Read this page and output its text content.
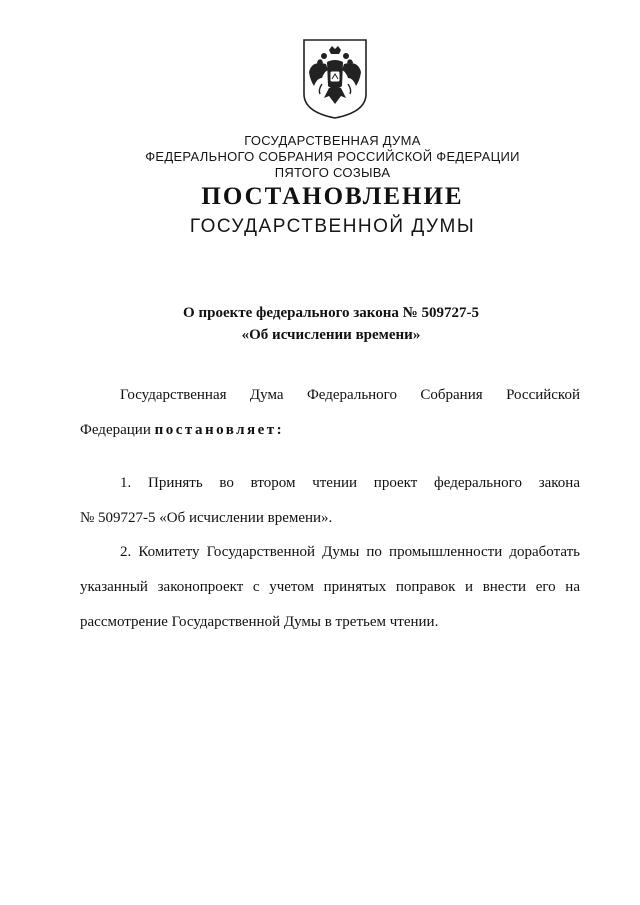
ГОСУДАРСТВЕННАЯ ДУМА
ФЕДЕРАЛЬНОГО СОБРАНИЯ РОССИЙСКОЙ ФЕДЕРАЦИИ
ПЯТОГО СОЗЫВА
ПОСТАНОВЛЕНИЕ
ГОСУДАРСТВЕННОЙ ДУМЫ
О проекте федерального закона № 509727-5
«Об исчислении времени»
Государственная Дума Федерального Собрания Российской
Федерации постановляет:
1. Принять во втором чтении проект федерального закона
№ 509727-5 «Об исчислении времени».
2. Комитету Государственной Думы по промышленности доработать
указанный законопроект с учетом принятых поправок и внести его на
рассмотрение Государственной Думы в третьем чтении.
